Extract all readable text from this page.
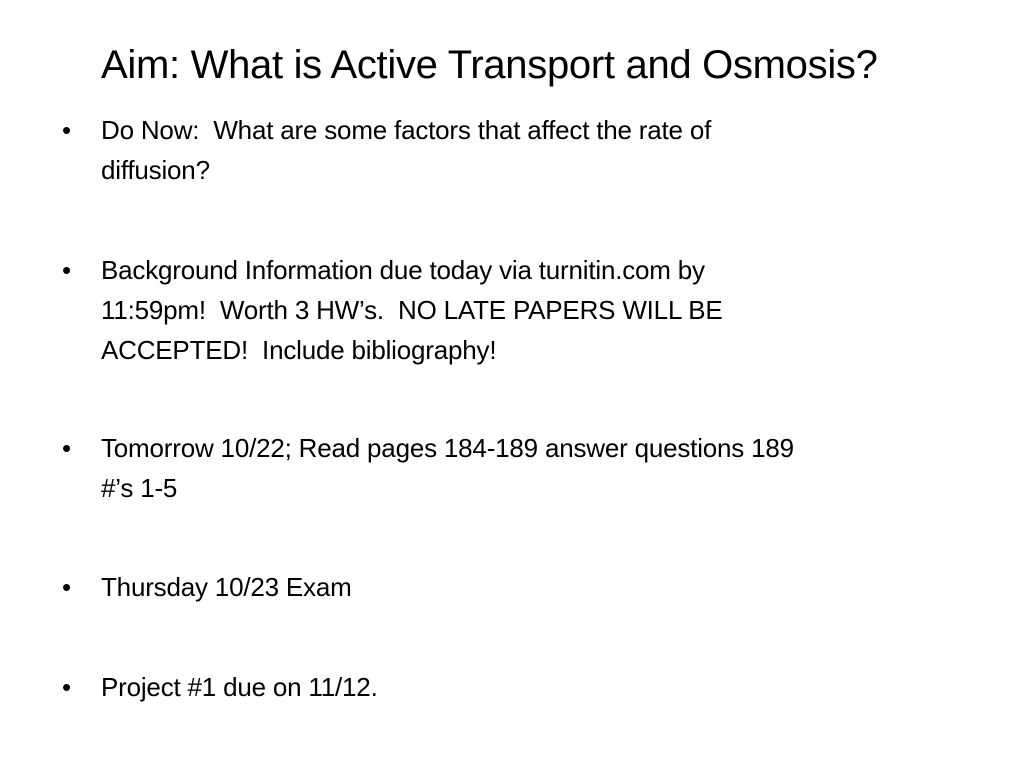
Aim: What is Active Transport and Osmosis?
•	Do Now:  What are some factors that affect the rate of
diffusion?
•	Background Information due today via turnitin.com by
11:59pm!  Worth 3 HW’s.  NO LATE PAPERS WILL BE
ACCEPTED!  Include bibliography!
•	Tomorrow 10/22; Read pages 184-189 answer questions 189
#’s 1-5
•	Thursday 10/23 Exam
•	Project #1 due on 11/12.
